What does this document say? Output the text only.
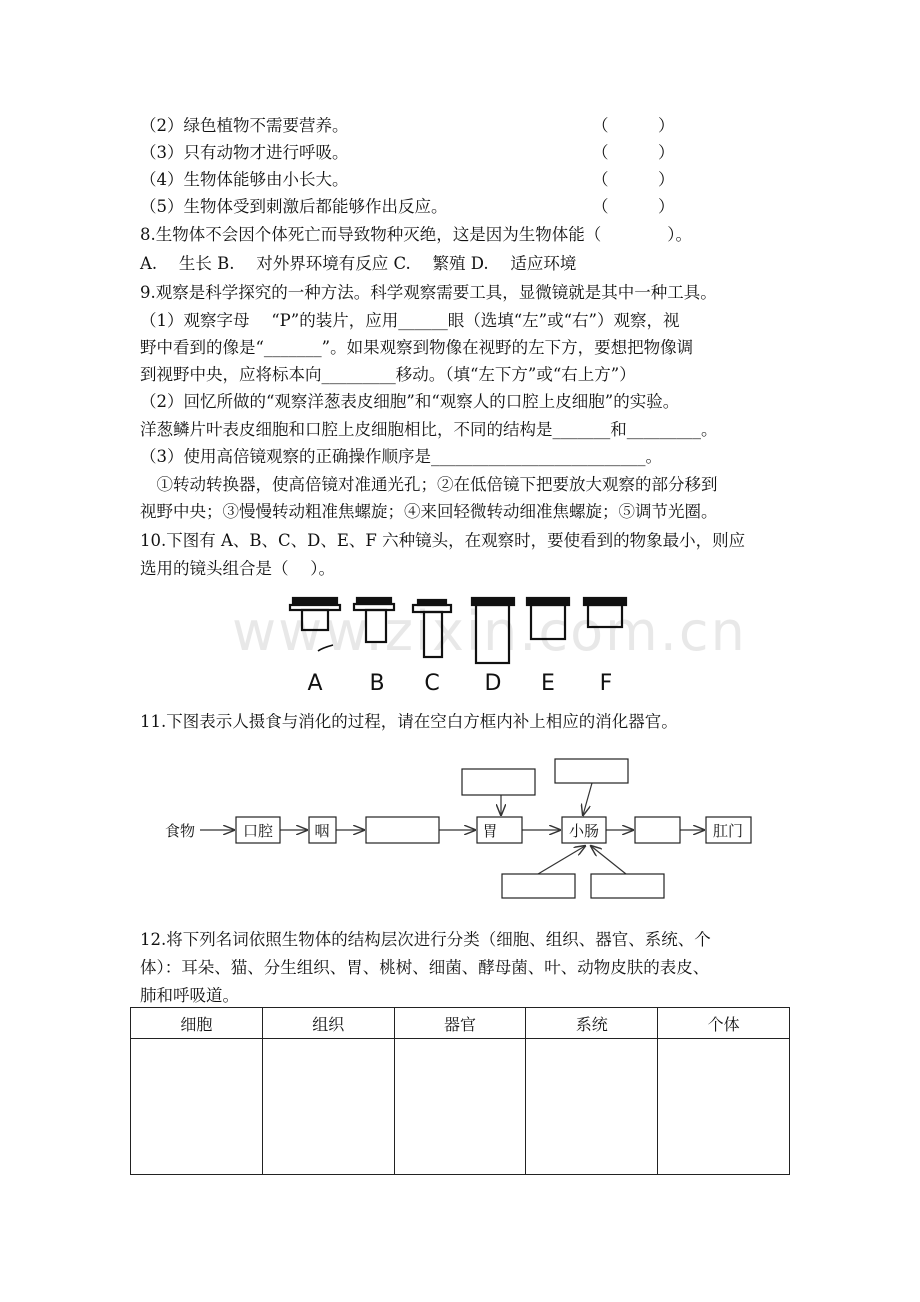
（2）绿色植物不需要营养。	（　　　）
（3）只有动物才进行呼吸。	（　　　）
（4）生物体能够由小长大。	（　　　）
（5）生物体受到刺激后都能够作出反应。	（　　　）
8.生物体不会因个体死亡而导致物种灭绝，这是因为生物体能（　　　　）。
A.　 生长 B.　 对外界环境有反应 C.　 繁殖 D.　 适应环境
9.观察是科学探究的一种方法。科学观察需要工具，显微镜就是其中一种工具。
（1）观察字母　 “P”的装片，应用______眼（选填“左”或“右”）观察，视
野中看到的像是“_______”。如果观察到物像在视野的左下方，要想把物像调
到视野中央，应将标本向_________移动。（填“左下方”或“右上方”）
（2）回忆所做的“观察洋葱表皮细胞”和“观察人的口腔上皮细胞”的实验。
洋葱鳞片叶表皮细胞和口腔上皮细胞相比，不同的结构是_______和_________。
（3）使用高倍镜观察的正确操作顺序是__________________________。
　①转动转换器，使高倍镜对准通光孔；②在低倍镜下把要放大观察的部分移到
视野中央；③慢慢转动粗准焦螺旋；④来回轻微转动细准焦螺旋；⑤调节光圈。
10.下图有 A、B、C、D、E、F 六种镜头，在观察时，要使看到的物象最小，则应
选用的镜头组合是（　 ）。
A B C D E F
www.zixin.com.cn
11.下图表示人摄食与消化的过程，请在空白方框内补上相应的消化器官。
食物	口腔	咽	胃	小肠	肛门
12.将下列名词依照生物体的结构层次进行分类（细胞、组织、器官、系统、个
体）：耳朵、猫、分生组织、胃、桃树、细菌、酵母菌、叶、动物皮肤的表皮、
肺和呼吸道。
细胞	组织	器官	系统	个体
